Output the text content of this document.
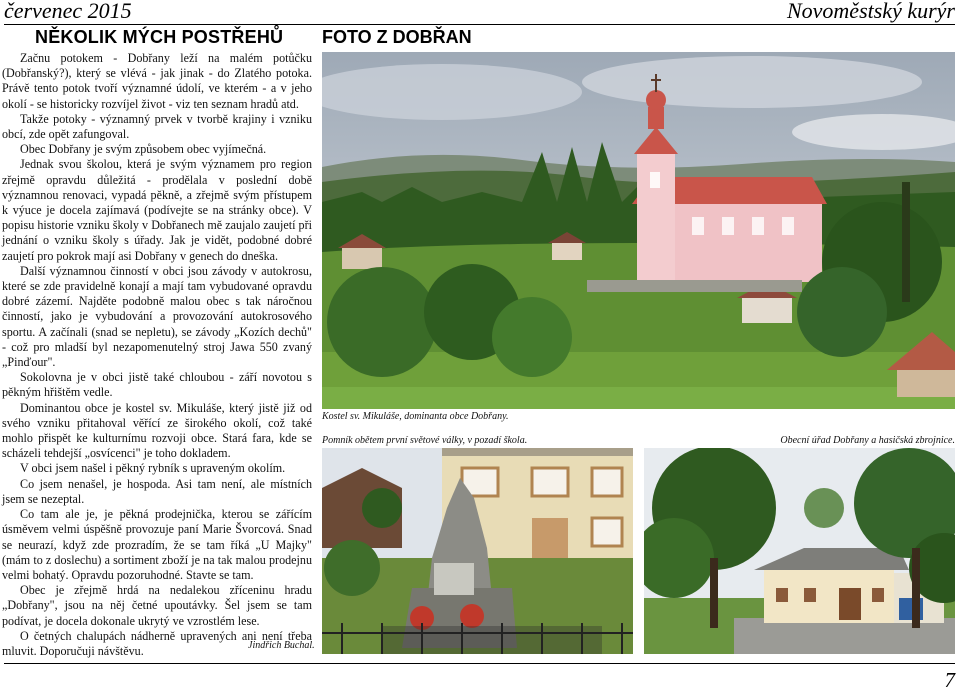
červenec 2015	Novoměstský kurýr
NĚKOLIK MÝCH POSTŘEHŮ FOTO Z DOBŘAN

Začnu potokem - Dobřany leží na malém potůčku (Dobřanský?), který se vlévá - jak jinak - do Zlatého potoka. Právě tento potok tvoří významné údolí, ve kterém - a v jeho okolí - se historicky rozvíjel život - viz ten seznam hradů atd.

Takže potoky - významný prvek v tvorbě krajiny i vzniku obcí, zde opět zafungoval.

Obec Dobřany je svým způsobem obec vyjímečná.

Jednak svou školou, která je svým významem pro region zřejmě opravdu důležitá - prodělala v poslední době významnou renovaci, vypadá pěkně, a zřejmě svým přístupem k výuce je docela zajímavá (podívejte se na stránky obce). V popisu historie vzniku školy v Dobřanech mě zaujalo zaujetí při jednání o vzniku školy s úřady. Jak je vidět, podobné dobré zaujetí pro pokrok mají asi Dobřany v genech do dneška.

Další významnou činností v obci jsou závody v autokrosu, které se zde pravidelně konají a mají tam vybudované opravdu dobré zázemí. Najděte podobně malou obec s tak náročnou činností, jako je vybudování a provozování autokrosového sportu. A začínali (snad se nepletu), se závody „Kozích dechů" - což pro mladší byl nezapomenutelný stroj Jawa 550 zvaný „Pinďour".

Sokolovna je v obci jistě také chloubou - září novotou s pěkným hřištěm vedle.

Dominantou obce je kostel sv. Mikuláše, který jistě již od svého vzniku přitahoval věřící ze širokého okolí, což také mohlo přispět ke kulturnímu rozvoji obce. Stará fara, kde se scházeli tehdejší „osvícenci" je toho dokladem.

V obci jsem našel i pěkný rybník s upraveným okolím.

Co jsem nenašel, je hospoda. Asi tam není, ale místních jsem se nezeptal.

Co tam ale je, je pěkná prodejnička, kterou se zářícím úsměvem velmi úspěšně provozuje paní Marie Švorcová. Snad se neurazí, když zde prozradím, že se tam říká „U Majky" (mám to z doslechu) a sortiment zboží je na tak malou prodejnu velmi bohatý. Opravdu pozoruhodné. Stavte se tam.

Obec je zřejmě hrdá na nedalekou zříceninu hradu „Dobřany", jsou na něj četné upoutávky. Šel jsem se tam podívat, je docela dokonale ukrytý ve vzrostlém lese.

O četných chalupách nádherně upravených ani není třeba mluvit. Doporučuji návštěvu.	Jindřich Buchal.
Kostel sv. Mikuláše, dominanta obce Dobřany.
Pomník obětem první světové války, v pozadí škola.	Obecní úřad Dobřany a hasičská zbrojnice.
7
